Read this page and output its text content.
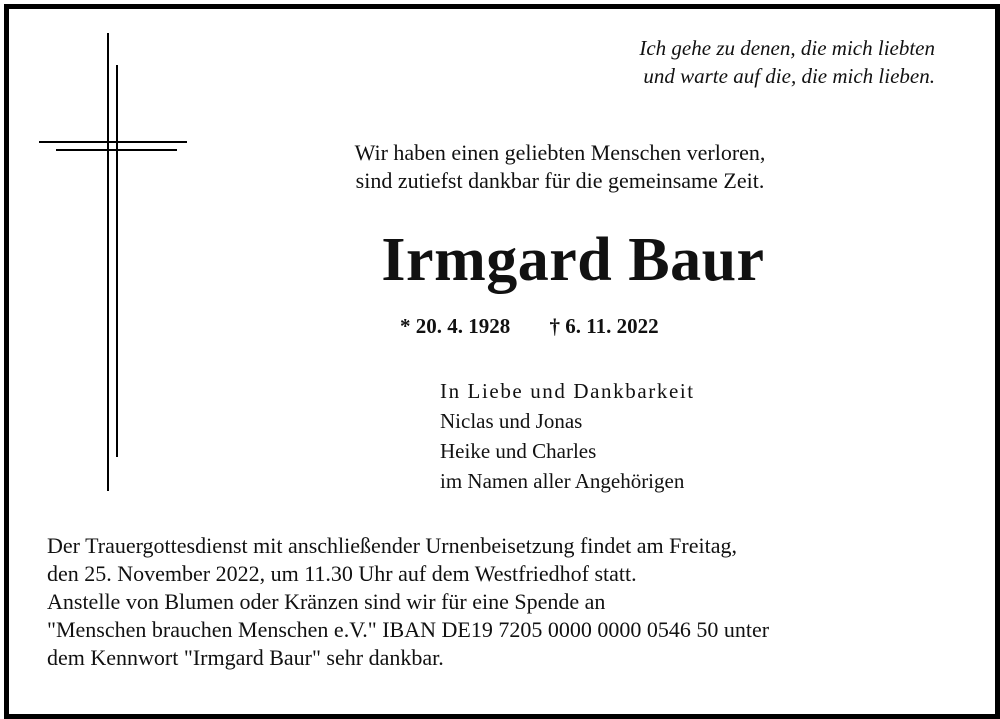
Ich gehe zu denen, die mich liebten
und warte auf die, die mich lieben.
Wir haben einen geliebten Menschen verloren,
sind zutiefst dankbar für die gemeinsame Zeit.
Irmgard Baur
* 20. 4. 1928 † 6. 11. 2022
In Liebe und Dankbarkeit
Niclas und Jonas
Heike und Charles
im Namen aller Angehörigen
Der Trauergottesdienst mit anschließender Urnenbeisetzung findet am Freitag,
den 25. November 2022, um 11.30 Uhr auf dem Westfriedhof statt.
Anstelle von Blumen oder Kränzen sind wir für eine Spende an
"Menschen brauchen Menschen e.V." IBAN DE19 7205 0000 0000 0546 50 unter
dem Kennwort "Irmgard Baur" sehr dankbar.
